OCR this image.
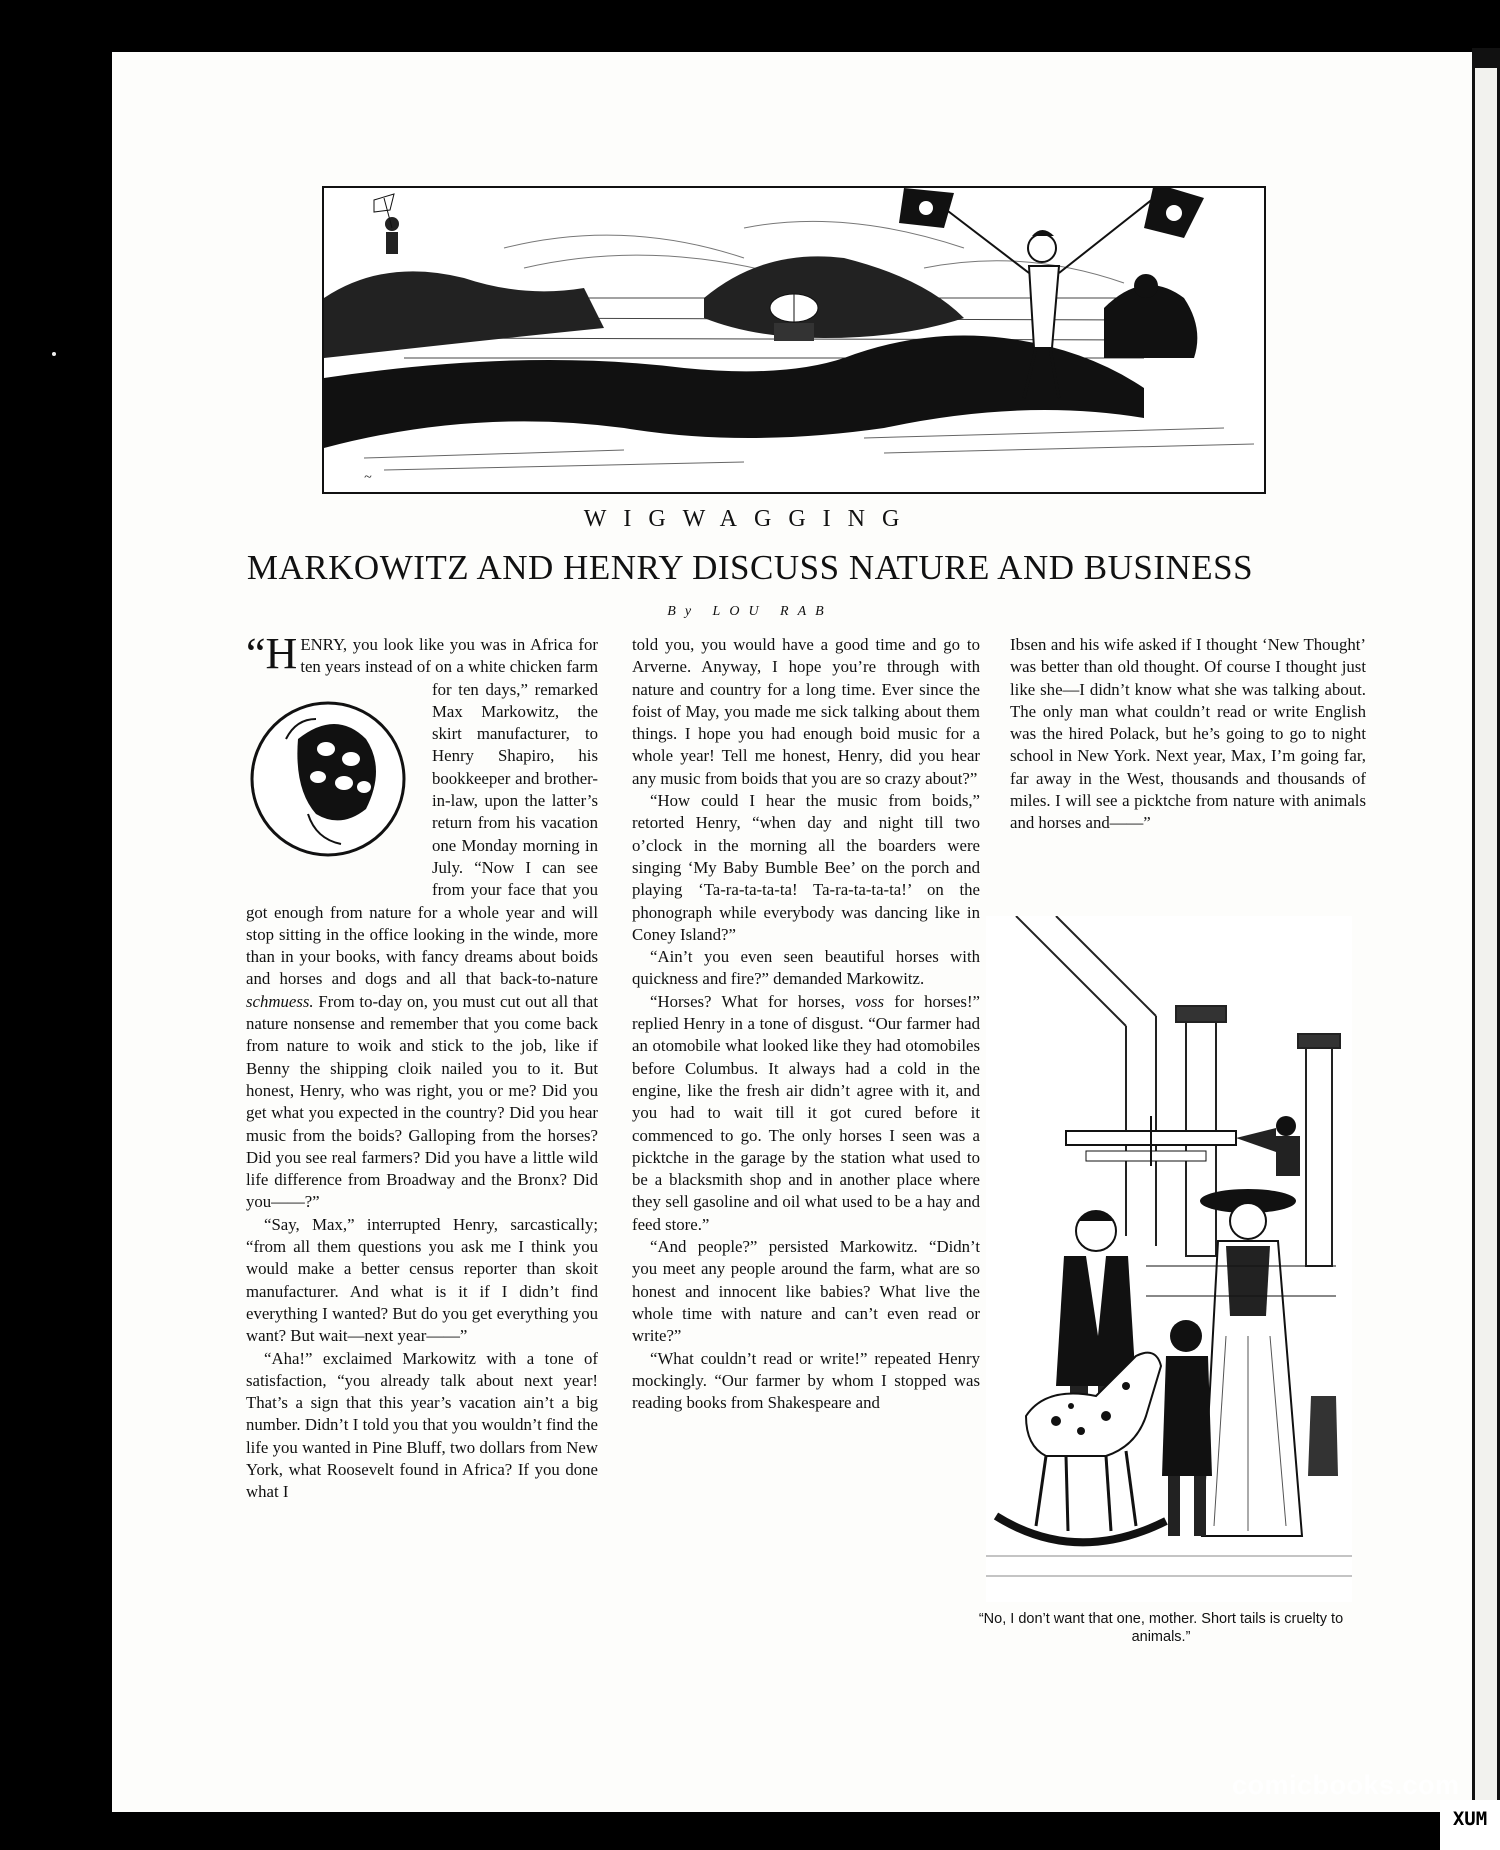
~
WIGWAGGING
MARKOWITZ AND HENRY DISCUSS NATURE AND BUSINESS
By LOU RAB

“HENRY, you look like you was in Africa for ten years instead of on a white chicken farm for ten days,”
remarked Max Markowitz, the skirt manufacturer, to Henry Shapiro, his bookkeeper and brother-in-law, upon the latter’s return from his vacation one Monday morning in July. “Now I can see from your face that you got enough from nature for a whole year and will stop sitting in the office looking in the winde, more than in your books, with fancy dreams about boids and horses and dogs and all that back-to-nature schmuess. From to-day on, you must cut out all that nature nonsense and remember that you come back from nature to woik and stick to the job, like if Benny the shipping cloik nailed you to it. But honest, Henry, who was right, you or me? Did you get what you expected in the country? Did you hear music from the boids? Galloping from the horses? Did you see real farmers? Did you have a little wild life difference from Broadway and the Bronx? Did you——?”

“Say, Max,” interrupted Henry, sarcastically; “from all them questions you ask me I think you would make a better census reporter than skoit manufacturer. And what is it if I didn’t find everything I wanted? But do you get everything you want? But wait—next year——”

“Aha!” exclaimed Markowitz with a tone of satisfaction, “you already talk about next year! That’s a sign that this year’s vacation ain’t a big number. Didn’t I told you that you wouldn’t find the life you wanted in Pine Bluff, two dollars from New York, what Roosevelt found in Africa? If you done what I

told you, you would have a good time and go to Arverne. Anyway, I hope you’re through with nature and country for a long time. Ever since the foist of May, you made me sick talking about them things. I hope you had enough boid music for a whole year! Tell me honest, Henry, did you hear any music from boids that you are so crazy about?”

“How could I hear the music from boids,” retorted Henry, “when day and night till two o’clock in the morning all the boarders were singing ‘My Baby Bumble Bee’ on the porch and playing ‘Ta-ra-ta-ta-ta! Ta-ra-ta-ta-ta!’ on the phonograph while everybody was dancing like in Coney Island?”

“Ain’t you even seen beautiful horses with quickness and fire?” demanded Markowitz.

“Horses? What for horses, voss for horses!” replied Henry in a tone of disgust. “Our farmer had an otomobile what looked like they had otomobiles before Columbus. It always had a cold in the engine, like the fresh air didn’t agree with it, and you had to wait till it got cured before it commenced to go. The only horses I seen was a picktche in the garage by the station what used to be a blacksmith shop and in another place where they sell gasoline and oil what used to be a hay and feed store.”

“And people?” persisted Markowitz. “Didn’t you meet any people around the farm, what are so honest and innocent like babies? What live the whole time with nature and can’t even read or write?”

“What couldn’t read or write!” repeated Henry mockingly. “Our farmer by whom I stopped was reading books from Shakespeare and

Ibsen and his wife asked if I thought ‘New Thought’ was better than old thought. Of course I thought just like she—I didn’t know what she was talking about. The only man what couldn’t read or write English was the hired Polack, but he’s going to go to night school in New York. Next year, Max, I’m going far, far away in the West, thousands and thousands of miles. I will see a picktche from nature with animals and horses and——”

“No, I don’t want that one, mother. Short tails is cruelty to animals.”
comicbooks.com
XUM
